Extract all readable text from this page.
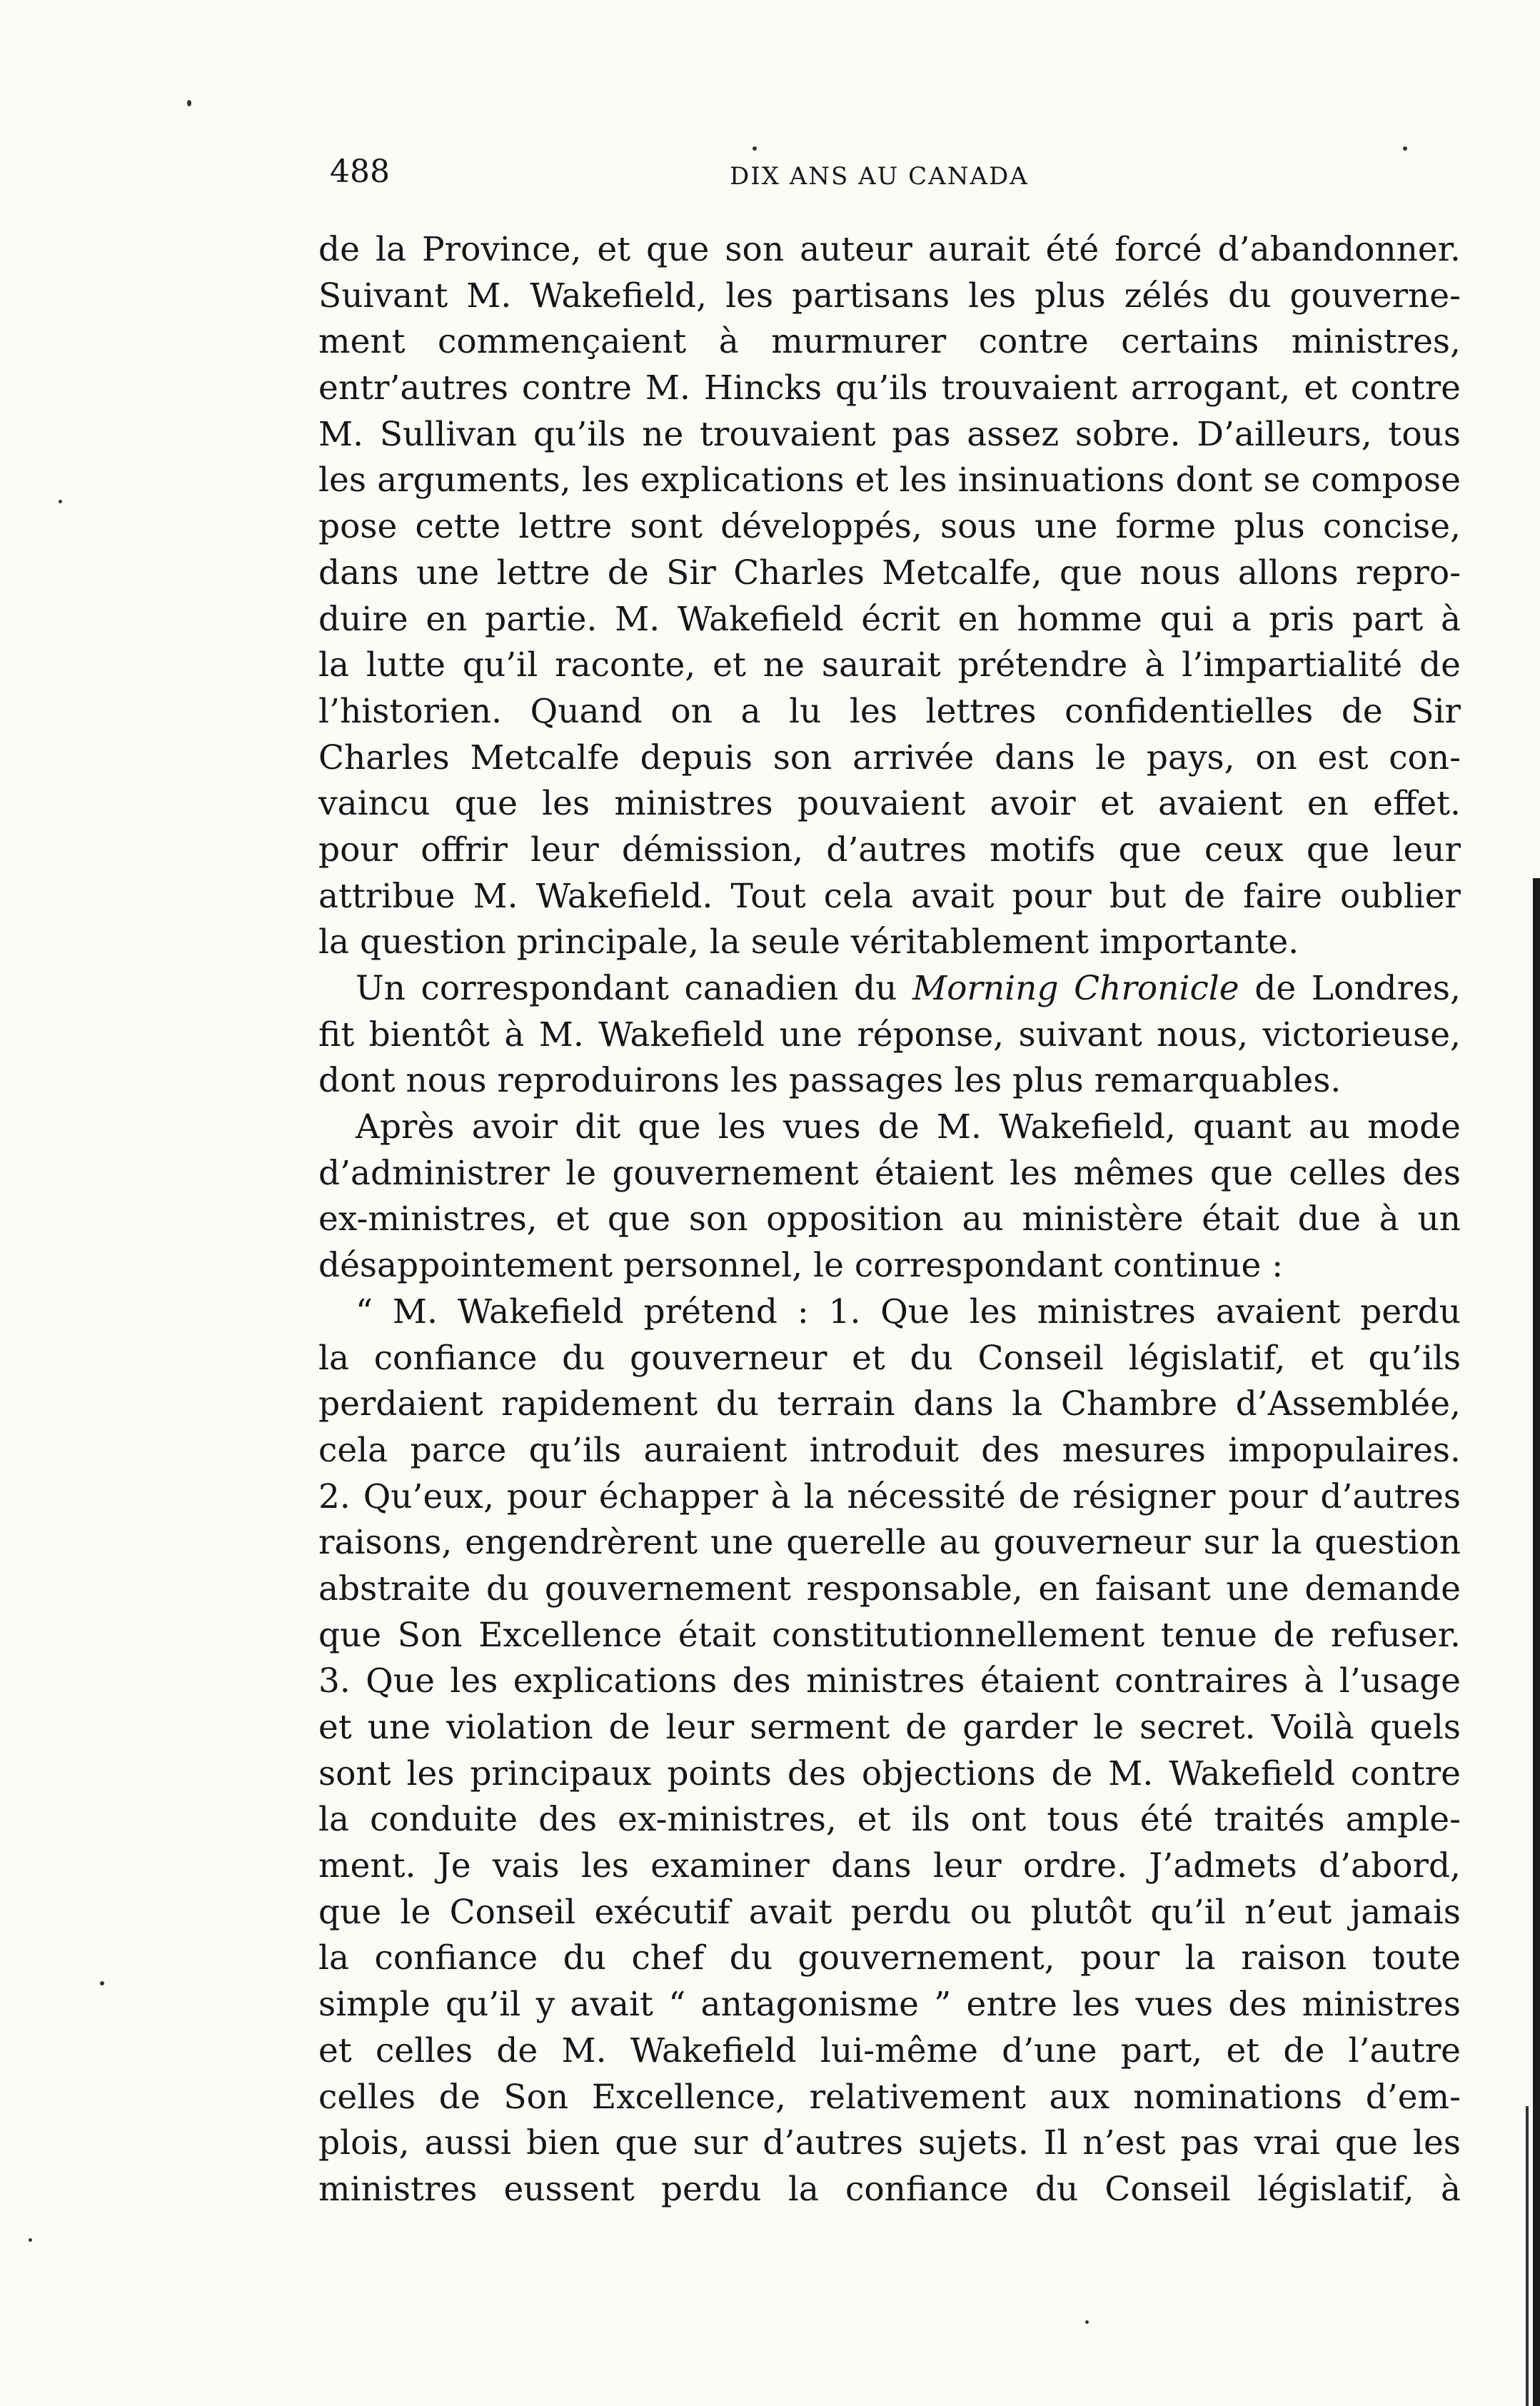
488	DIX ANS AU CANADA
de la Province, et que son auteur aurait été forcé d’abandonner.
Suivant M. Wakefield, les partisans les plus zélés du gouverne-
ment commençaient à murmurer contre certains ministres,
entr’autres contre M. Hincks qu’ils trouvaient arrogant, et contre
M. Sullivan qu’ils ne trouvaient pas assez sobre. D’ailleurs, tous
les arguments, les explications et les insinuations dont se compose
pose cette lettre sont développés, sous une forme plus concise,
dans une lettre de Sir Charles Metcalfe, que nous allons repro-
duire en partie. M. Wakefield écrit en homme qui a pris part à
la lutte qu’il raconte, et ne saurait prétendre à l’impartialité de
l’historien. Quand on a lu les lettres confidentielles de Sir
Charles Metcalfe depuis son arrivée dans le pays, on est con-
vaincu que les ministres pouvaient avoir et avaient en effet.
pour offrir leur démission, d’autres motifs que ceux que leur
attribue M. Wakefield. Tout cela avait pour but de faire oublier
la question principale, la seule véritablement importante.
Un correspondant canadien du Morning Chronicle de Londres,
fit bientôt à M. Wakefield une réponse, suivant nous, victorieuse,
dont nous reproduirons les passages les plus remarquables.
Après avoir dit que les vues de M. Wakefield, quant au mode
d’administrer le gouvernement étaient les mêmes que celles des
ex-ministres, et que son opposition au ministère était due à un
désappointement personnel, le correspondant continue :
“ M. Wakefield prétend : 1. Que les ministres avaient perdu
la confiance du gouverneur et du Conseil législatif, et qu’ils
perdaient rapidement du terrain dans la Chambre d’Assemblée,
cela parce qu’ils auraient introduit des mesures impopulaires.
2. Qu’eux, pour échapper à la nécessité de résigner pour d’autres
raisons, engendrèrent une querelle au gouverneur sur la question
abstraite du gouvernement responsable, en faisant une demande
que Son Excellence était constitutionnellement tenue de refuser.
3. Que les explications des ministres étaient contraires à l’usage
et une violation de leur serment de garder le secret. Voilà quels
sont les principaux points des objections de M. Wakefield contre
la conduite des ex-ministres, et ils ont tous été traités ample-
ment. Je vais les examiner dans leur ordre. J’admets d’abord,
que le Conseil exécutif avait perdu ou plutôt qu’il n’eut jamais
la confiance du chef du gouvernement, pour la raison toute
simple qu’il y avait “ antagonisme ” entre les vues des ministres
et celles de M. Wakefield lui-même d’une part, et de l’autre
celles de Son Excellence, relativement aux nominations d’em-
plois, aussi bien que sur d’autres sujets. Il n’est pas vrai que les
ministres eussent perdu la confiance du Conseil législatif, à
